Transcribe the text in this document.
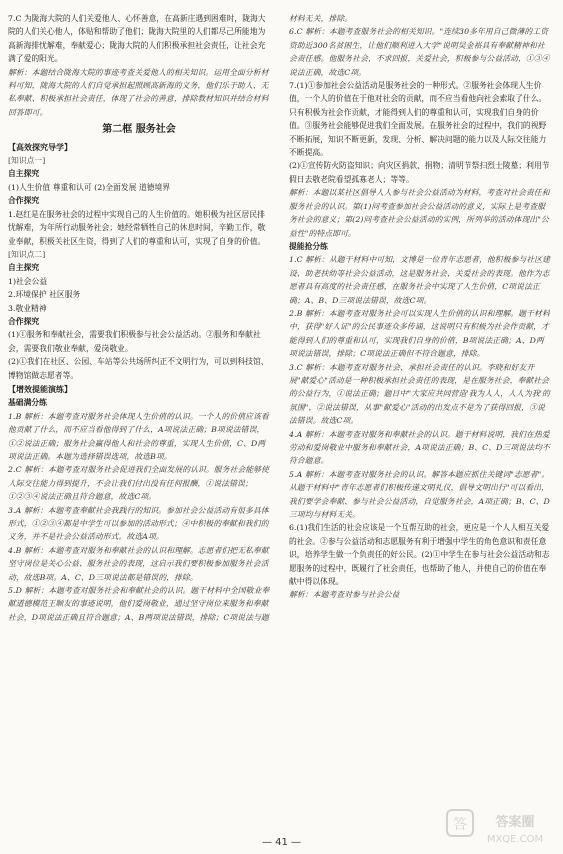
7.C 为陇海大院的人们关爱他人、心怀善意，在高新庄遇到困难时，陇海大院的人们关心他人，体贴和帮助了他们；陇海大院里的人们都尽己所能地为高新海排忧解难，奉献爱心；陇海大院的人们积极承担社会责任，让社会充满了爱的阳光。

解析：本题结合陇海大院的事迹考查关爱他人的相关知识。运用全面分析材料可知，陇海大院的人们自觉承担起照顾高新海的义务，他们乐于助人、无私奉献、积极承担社会责任，体现了社会的善意，排除教材知识并结合材料回答即可。

第二框 服务社会
【 高效探究导学 】

[知识点一]

自主探究

(1)人生价值 尊重和认可 (2)全面发展 道德境界

合作探究

1.赵红是在服务社会的过程中实现自己的人生价值的。她积极为社区居民排忧解难，为年所行动服务社会；她经常牺牲自己的休息时间，辛勤工作，敬业奉献，积极关社区生资，得到了人们的尊重和认可，实现了自身的价值。

[知识点二]

自主探究

1)社会公益

2.环境保护 社区服务

3.敬业精神

合作探究

(1)①服务和奉献社会，需要我们积极参与社会公益活动。②服务和奉献社会，需要我们敬业奉献，爱岗敬业。

(2)①我们在社区、公园、车站等公共场所纠正不文明行为，可以到科技馆、博物馆做志愿者等。

【 增效提能演练 】

基础满分练

1.B 解析：本题考查对服务社会体现人生价值的认识。一个人的价值应该看他贡献了什么，而不应当看他得到了什么，A项说法正确；B项说法错误，①②说法正确；服务社会赢得他人和社会的尊重，实现人生价值，C、D两项说法正确。本题为选择错误选项，故选B项。

2.C 解析：本题考查对服务社会促进我们全面发展的认识。服务社会能够使人际交往能力得到提升，不会让我们付出没有任何报酬，①说法错误；①②③④说法正确且符合题意，故选C项。

3.A 解析：本题考查奉献社会我践行的知识。参加社会公益活动有很多具体形式，①②③④都是中学生可以参加的活动形式；④中积极的奉献和我们的义务，并不是社会公益活动形式。故选A项。

4.B 解析：本题考查对服务和奉献社会的认识和理解。志愿者们把无私奉献坚守岗位是关心公益、服务社会的表现，这启示我们要积极参加服务社会活动，故选B项。A、C、D三项说法都是错误的，排除。

5.D 解析：本题考查对服务社会和奉献社会的认识。题干材料中全国敬业奉献道德模范王顺友的事迹说明，他们爱岗敬业，通过坚守岗位来服务和奉献社会，D项说法正确且符合题意；A、B两项说法错误，排除；C项说法与题

材料无关，排除。

6.C 解析：本题考查服务社会的相关知识。"连续30多年用自己微薄的工资资助近300名贫困生，让他们顺利进入大学"说明吴金裕具有奉献精神和社会责任感。他服务社会，不求回报，关爱社会，积极参与公益活动，①③④说法正确，故选C项。

7.(1)①参加社会公益活动是服务社会的一种形式。②服务社会体现人生价值，一个人的价值在于他对社会的贡献，而不应当看他向社会索取了什么。只有积极为社会作贡献，才能得到人们的尊重和认可，实现我们自身的价值。③服务社会能够促进我们全面发展。在服务社会的过程中，我们的视野不断拓展，知识不断更新，发现、分析、解决问题的能力以及人际交往能力不断提高。

(2)①宣传防火防盗知识；向灾区捐款、捐物；清明节祭扫烈士陵墓；利用节假日去敬老院看望孤寡老人；等等。

解析：本题以某社区倡导人人参与社会公益活动为材料，考查对社会责任和服务社会的认识。第(1)问考查参加社会公益活动的意义，实际上是考查服务社会的意义；第(2)问考查社会公益活动的实例，所列举的活动体现出"公益性"的特点即可。

提能抢分练

1.C 解析：从题干材料中可知，文博是一位青年志愿者，他积极参与社区建设、助老扶幼等社会公益活动，这是服务社会、关爱社会的表现。他作为志愿者具有高度的社会责任感，在服务社会中实现了人生价值，C项说法正确；A、B、D三项说法错误，故选C项。

2.B 解析：本题考查对服务社会可以实现人生价值的认识和理解。题干材料中，获得"好人证"的公民事迹众多传诵，这说明只有积极为社会作贡献，才能得到人们的尊重和认可，实现我们自身的价值，B项说法正确；A、D两项说法错误，排除；C项说法正确但不符合题意，排除。

3.C 解析：本题考查对服务社会、承担社会责任的认识。李晓和好友开展"献爱心"活动是一种积极承担社会责任的表现，是在服务社会，奉献社会的公益行为，①说法正确；题目中"大家应共同营造'我为人人，人人为我'的氛围"，②说法错误，从事"献爱心"活动的出发点不是为了获得回报，③说法错误。故选C项。

4.A 解析：本题考查对服务和奉献社会的认识。题干材料说明，我们在热爱劳动和爱岗敬业中服务和奉献社会，A项说法正确；B、C、D三项说法均不符合题意。

5.A 解析：本题考查对服务社会的认识。解答本题应抓住关键词"志愿者"。从题干材料中"青年志愿者们积极传递文明礼仪，倡导文明出行"可以看出，我们要学会奉献、参与社会公益活动，自觉服务社会，A项正确；B、C、D三项均与材料无关。

6.(1)我们生活的社会应该是一个互帮互助的社会，更应是一个人人相互关爱的社会。②参与公益活动和志愿服务有利于增强中学生的角色意识和责任意识，培养学生做一个负责任的好公民。(2)①中学生在参与社会公益活动和志愿服务的过程中，既履行了社会责任，也帮助了他人，并使自己的价值在奉献中得以体现。

解析：本题考查对参与社会公益

— 41 —
答 答案圈
MXQE.COM
